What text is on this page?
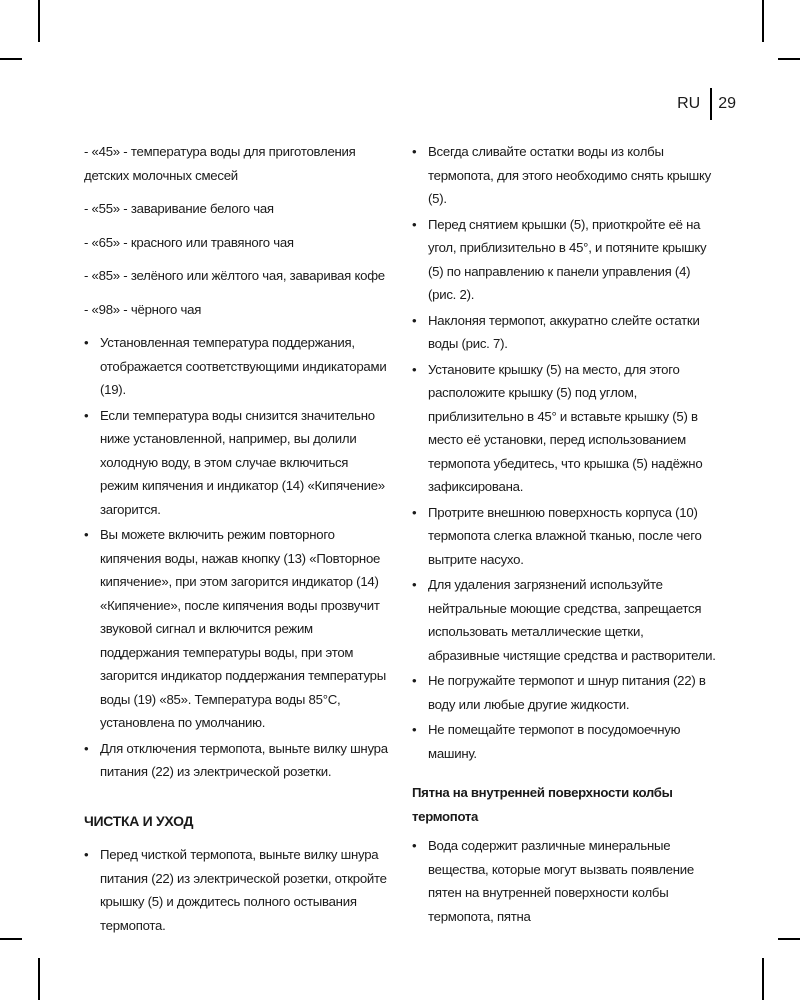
RU	29

- «45» - температура воды для приготовления детских молочных смесей

- «55» - заваривание белого чая

- «65» - красного или травяного чая

- «85» - зелёного или жёлтого чая, заваривая кофе

- «98» - чёрного чая

• Установленная температура поддержания, отображается соответствующими индикаторами (19).

• Если температура воды снизится значительно ниже установленной, например, вы долили холодную воду, в этом случае включиться режим кипячения и индикатор (14) «Кипячение» загорится.

• Вы можете включить режим повторного кипячения воды, нажав кнопку (13) «Повторное кипячение», при этом загорится индикатор (14) «Кипячение», после кипячения воды прозвучит звуковой сигнал и включится режим поддержания температуры воды, при этом загорится индикатор поддержания температуры воды (19) «85». Температура воды 85°С, установлена по умолчанию.

• Для отключения термопота, выньте вилку шнура питания (22) из электрической розетки.

ЧИСТКА И УХОД

• Перед чисткой термопота, выньте вилку шнура питания (22) из электрической розетки, откройте крышку (5) и дождитесь полного остывания термопота.

• Всегда сливайте остатки воды из колбы термопота, для этого необходимо снять крышку (5).

• Перед снятием крышки (5), приоткройте её на угол, приблизительно в 45°, и потяните крышку (5) по направлению к панели управления (4) (рис. 2).

• Наклоняя термопот, аккуратно слейте остатки воды (рис. 7).

• Установите крышку (5) на место, для этого расположите крышку (5) под углом, приблизительно в 45° и вставьте крышку (5) в место её установки, перед использованием термопота убедитесь, что крышка (5) надёжно зафиксирована.

• Протрите внешнюю поверхность корпуса (10) термопота слегка влажной тканью, после чего вытрите насухо.

• Для удаления загрязнений используйте нейтральные моющие средства, запрещается использовать металлические щетки, абразивные чистящие средства и растворители.

• Не погружайте термопот и шнур питания (22) в воду или любые другие жидкости.

• Не помещайте термопот в посудомоечную машину.

Пятна на внутренней поверхности колбы термопота

• Вода содержит различные минеральные вещества, которые могут вызвать появление пятен на внутренней поверхности колбы термопота, пятна
